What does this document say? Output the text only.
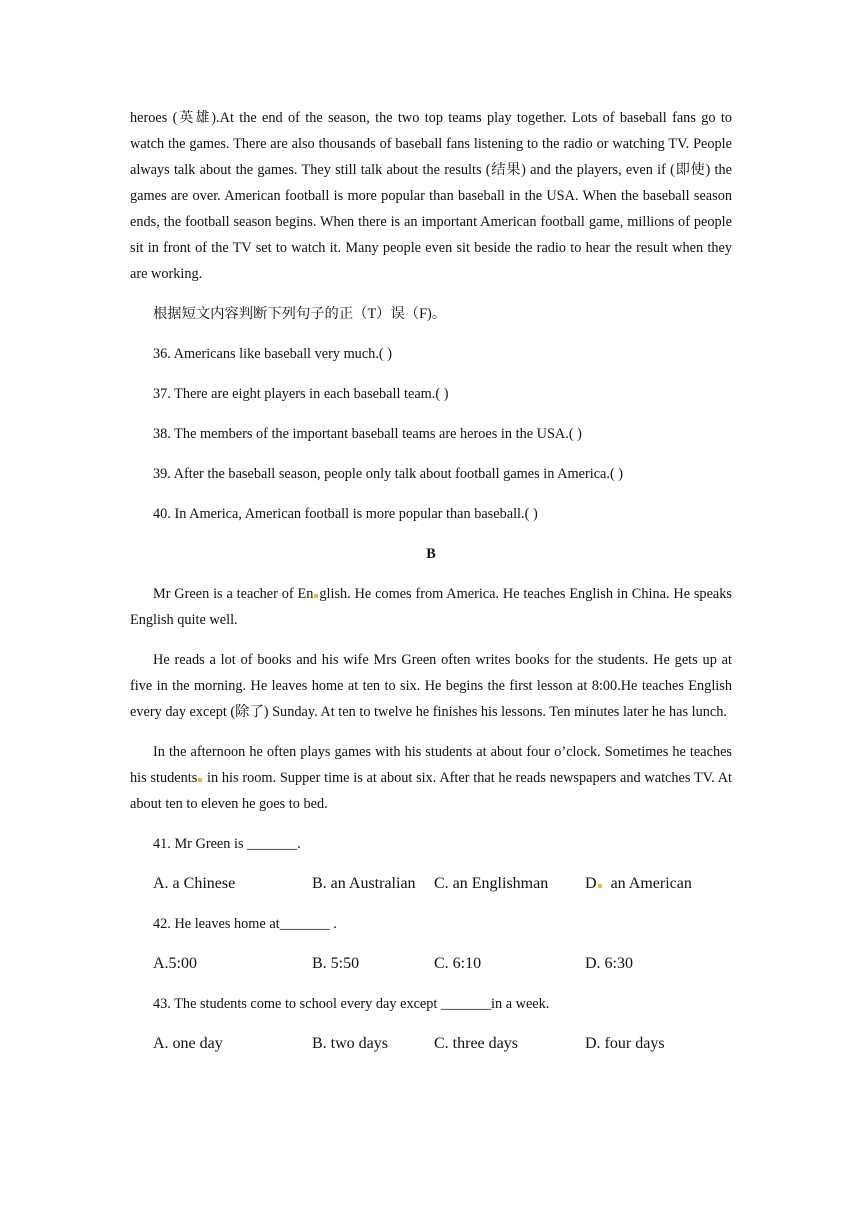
heroes (英雄).At the end of the season, the two top teams play together. Lots of baseball fans go to watch the games. There are also thousands of baseball fans listening to the radio or watching TV. People always talk about the games. They still talk about the results (结果) and the players, even if (即使) the games are over. American football is more popular than baseball in the USA. When the baseball season ends, the football season begins. When there is an important American football game, millions of people sit in front of the TV set to watch it. Many people even sit beside the radio to hear the result when they are working.

根据短文内容判断下列句子的正（T）误（F)。

36. Americans like baseball very much.( )

37. There are eight players in each baseball team.( )

38. The members of the important baseball teams are heroes in the USA.( )

39. After the baseball season, people only talk about football games in America.( )

40. In America, American football is more popular than baseball.( )

B

Mr Green is a teacher of En glish. He comes from America. He teaches English in China. He speaks English quite well.

He reads a lot of books and his wife Mrs Green often writes books for the students. He gets up at five in the morning. He leaves home at ten to six. He begins the first lesson at 8:00.He teaches English every day except (除了) Sunday. At ten to twelve he finishes his lessons. Ten minutes later he has lunch.

In the afternoon he often plays games with his students at about four o’clock. Sometimes he teaches his students in his room. Supper time is at about six. After that he reads newspapers and watches TV. At about ten to eleven he goes to bed.

41. Mr Green is _______.

A. a Chinese	B. an Australian	C. an Englishman	D an American

42. He leaves home at_______ .

A.5:00	B. 5:50	C. 6:10	D. 6:30

43. The students come to school every day except _______in a week.

A. one day	B. two days	C. three days	D. four days
